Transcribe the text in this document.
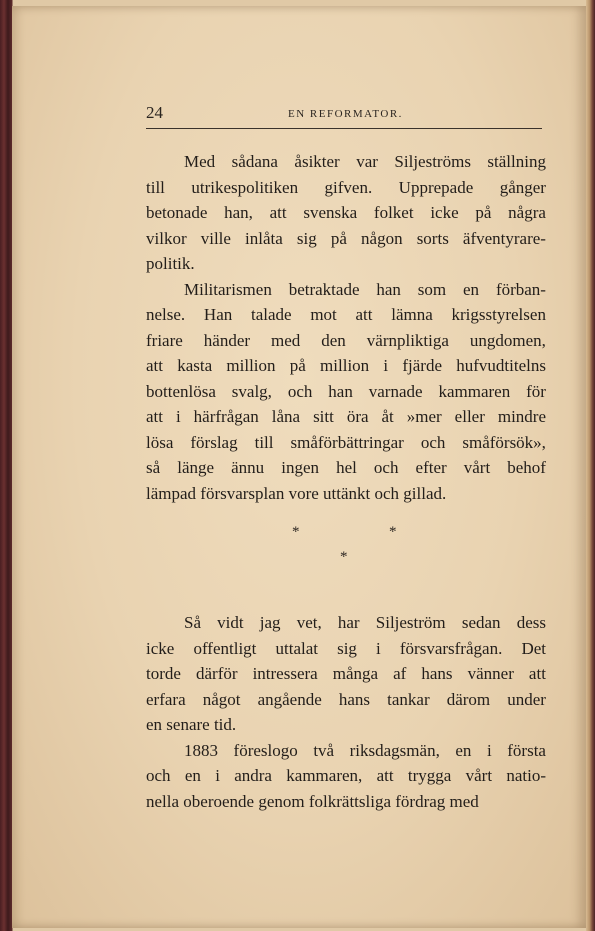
24	EN REFORMATOR.
Med sådana åsikter var Siljeströms ställning
till utrikespolitiken gifven. Upprepade gånger
betonade han, att svenska folket icke på några
vilkor ville inlåta sig på någon sorts äfventyrare-
politik.
Militarismen betraktade han som en förban-
nelse. Han talade mot att lämna krigsstyrelsen
friare händer med den värnpliktiga ungdomen,
att kasta million på million i fjärde hufvudtitelns
bottenlösa svalg, och han varnade kammaren för
att i härfrågan låna sitt öra åt »mer eller mindre
lösa förslag till småförbättringar och småförsök»,
så länge ännu ingen hel och efter vårt behof
lämpad försvarsplan vore uttänkt och gillad.
*	*
*
Så vidt jag vet, har Siljeström sedan dess
icke offentligt uttalat sig i försvarsfrågan. Det
torde därför intressera många af hans vänner att
erfara något angående hans tankar därom under
en senare tid.
1883 föreslogo två riksdagsmän, en i första
och en i andra kammaren, att trygga vårt natio-
nella oberoende genom folkrättsliga fördrag med
